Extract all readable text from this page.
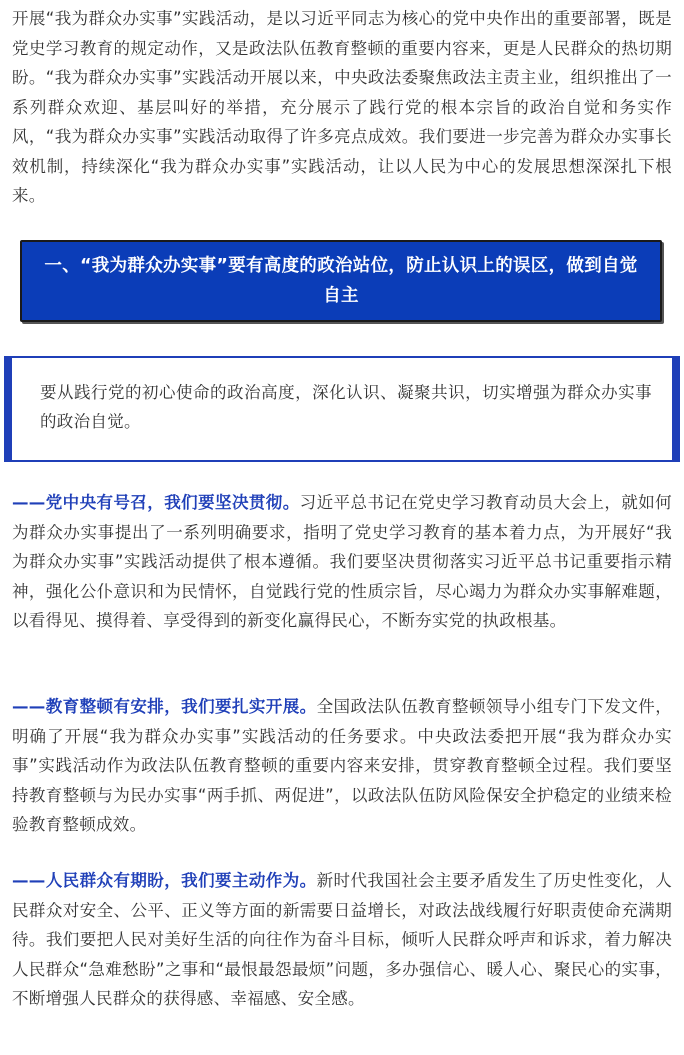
开展“我为群众办实事”实践活动，是以习近平同志为核心的党中央作出的重要部署，既是党史学习教育的规定动作，又是政法队伍教育整顿的重要内容来，更是人民群众的热切期盼。“我为群众办实事”实践活动开展以来，中央政法委聚焦政法主责主业，组织推出了一系列群众欢迎、基层叫好的举措，充分展示了践行党的根本宗旨的政治自觉和务实作风，“我为群众办实事”实践活动取得了许多亮点成效。我们要进一步完善为群众办实事长效机制，持续深化“我为群众办实事”实践活动，让以人民为中心的发展思想深深扎下根来。

一、“我为群众办实事”要有高度的政治站位，防止认识上的误区，做到自觉自主

要从践行党的初心使命的政治高度，深化认识、凝聚共识，切实增强为群众办实事的政治自觉。

——党中央有号召，我们要坚决贯彻。习近平总书记在党史学习教育动员大会上，就如何为群众办实事提出了一系列明确要求，指明了党史学习教育的基本着力点，为开展好“我为群众办实事”实践活动提供了根本遵循。我们要坚决贯彻落实习近平总书记重要指示精神，强化公仆意识和为民情怀，自觉践行党的性质宗旨，尽心竭力为群众办实事解难题，以看得见、摸得着、享受得到的新变化赢得民心，不断夯实党的执政根基。

——教育整顿有安排，我们要扎实开展。全国政法队伍教育整顿领导小组专门下发文件，明确了开展“我为群众办实事”实践活动的任务要求。中央政法委把开展“我为群众办实事”实践活动作为政法队伍教育整顿的重要内容来安排，贯穿教育整顿全过程。我们要坚持教育整顿与为民办实事“两手抓、两促进”，以政法队伍防风险保安全护稳定的业绩来检验教育整顿成效。

——人民群众有期盼，我们要主动作为。新时代我国社会主要矛盾发生了历史性变化，人民群众对安全、公平、正义等方面的新需要日益增长，对政法战线履行好职责使命充满期待。我们要把人民对美好生活的向往作为奋斗目标，倾听人民群众呼声和诉求，着力解决人民群众“急难愁盼”之事和“最恨最怨最烦”问题，多办强信心、暖人心、聚民心的实事，不断增强人民群众的获得感、幸福感、安全感。
